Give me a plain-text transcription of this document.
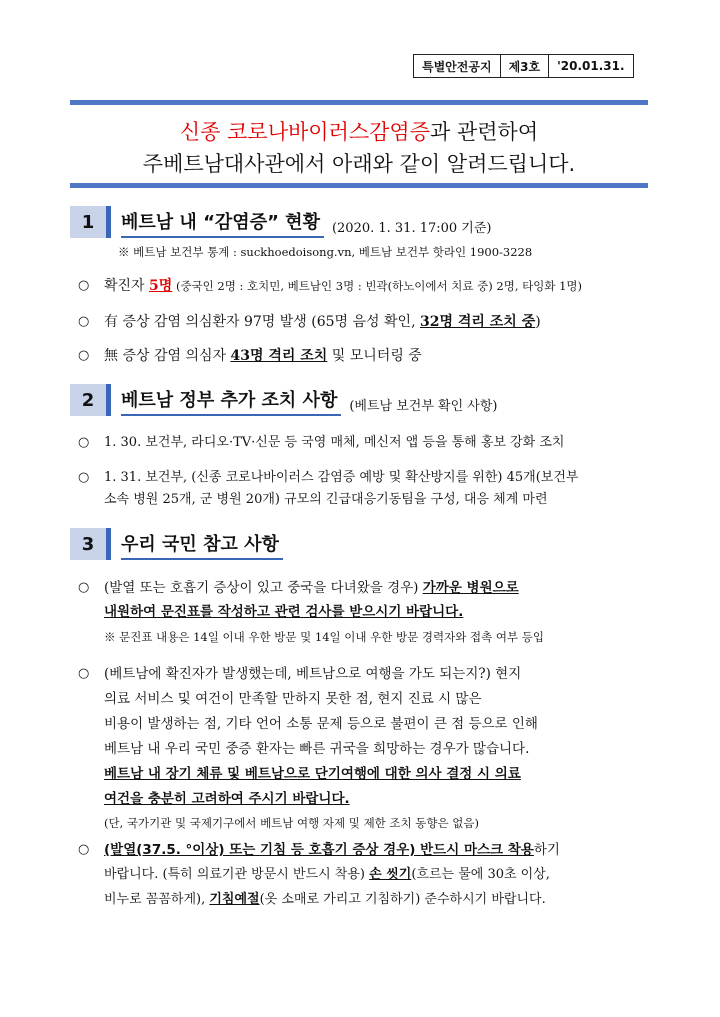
특별안전공지	제3호	'20.01.31.
신종 코로나바이러스감염증과 관련하여
주베트남대사관에서 아래와 같이 알려드립니다.
1	베트남 내 “감염증” 현황 (2020. 1. 31. 17:00 기준)
※ 베트남 보건부 통계 : suckhoedoisong.vn, 베트남 보건부 핫라인 1900-3228
○ 확진자 5명 (중국인 2명 : 호치민, 베트남인 3명 : 빈곽(하노이에서 치료 중) 2명, 타잉화 1명)
○ 有 증상 감염 의심환자 97명 발생 (65명 음성 확인, 32명 격리 조치 중)
○ 無 증상 감염 의심자 43명 격리 조치 및 모니터링 중
2	베트남 정부 추가 조치 사항 (베트남 보건부 확인 사항)
○ 1. 30. 보건부, 라디오·TV·신문 등 국영 매체, 메신저 앱 등을 통해 홍보 강화 조치
○ 1. 31. 보건부, (신종 코로나바이러스 감염증 예방 및 확산방지를 위한) 45개(보건부
소속 병원 25개, 군 병원 20개) 규모의 긴급대응기동팀을 구성, 대응 체계 마련
3	우리 국민 참고 사항
○ (발열 또는 호흡기 증상이 있고 중국을 다녀왔을 경우) 가까운 병원으로
내원하여 문진표를 작성하고 관련 검사를 받으시기 바랍니다.
※ 문진표 내용은 14일 이내 우한 방문 및 14일 이내 우한 방문 경력자와 접촉 여부 등입
○ (베트남에 확진자가 발생했는데, 베트남으로 여행을 가도 되는지?) 현지
의료 서비스 및 여건이 만족할 만하지 못한 점, 현지 진료 시 많은
비용이 발생하는 점, 기타 언어 소통 문제 등으로 불편이 큰 점 등으로 인해
베트남 내 우리 국민 중증 환자는 빠른 귀국을 희망하는 경우가 많습니다.
베트남 내 장기 체류 및 베트남으로 단기여행에 대한 의사 결정 시 의료
여건을 충분히 고려하여 주시기 바랍니다.
(단, 국가기관 및 국제기구에서 베트남 여행 자제 및 제한 조치 동향은 없음)
○ (발열(37.5. °이상) 또는 기침 등 호흡기 증상 경우) 반드시 마스크 착용하기
바랍니다. (특히 의료기관 방문시 반드시 착용) 손 씻기(흐르는 물에 30초 이상,
비누로 꼼꼼하게), 기침예절(옷 소매로 가리고 기침하기) 준수하시기 바랍니다.
